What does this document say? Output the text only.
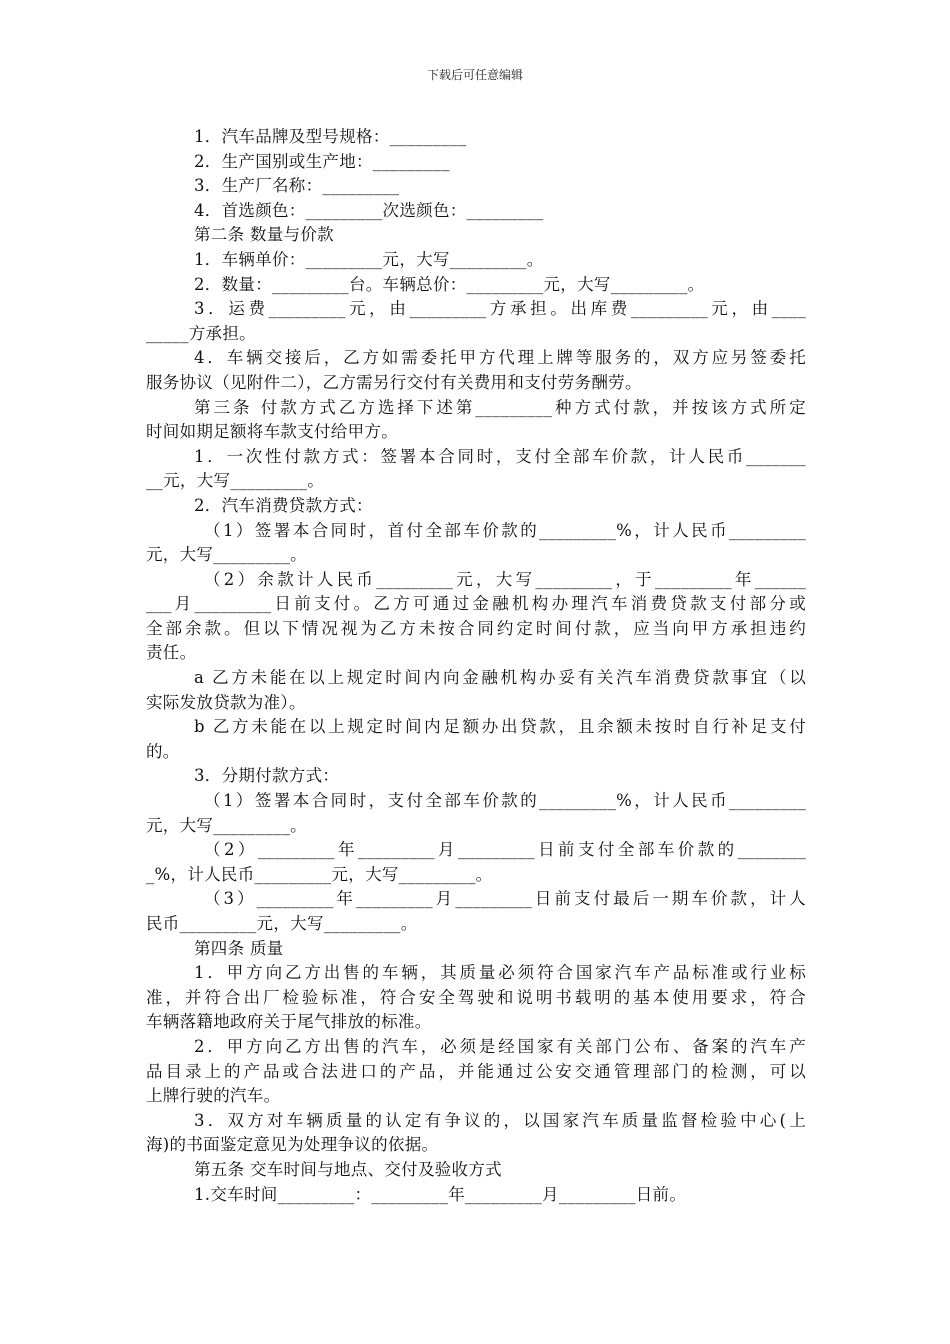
下载后可任意编辑
1．汽车品牌及型号规格：_________
2．生产国别或生产地：_________
3．生产厂名称：_________
4．首选颜色：_________次选颜色：_________
第二条 数量与价款
1．车辆单价：_________元，大写_________。
2．数量：_________台。车辆总价：_________元，大写_________。
3．运费_________元，由_________方承担。出库费_________元，由____
_____方承担。
4．车辆交接后，乙方如需委托甲方代理上牌等服务的，双方应另签委托
服务协议（见附件二），乙方需另行交付有关费用和支付劳务酬劳。
第三条 付款方式乙方选择下述第_________种方式付款，并按该方式所定
时间如期足额将车款支付给甲方。
1．一次性付款方式：签署本合同时，支付全部车价款，计人民币_______
__元，大写_________。
2．汽车消费贷款方式：
（1）签署本合同时，首付全部车价款的_________%，计人民币_________
元，大写_________。
（2）余款计人民币_________元，大写_________，于_________年______
___月_________日前支付。乙方可通过金融机构办理汽车消费贷款支付部分或
全部余款。但以下情况视为乙方未按合同约定时间付款，应当向甲方承担违约
责任。
a 乙方未能在以上规定时间内向金融机构办妥有关汽车消费贷款事宜（以
实际发放贷款为准）。
b 乙方未能在以上规定时间内足额办出贷款，且余额未按时自行补足支付
的。
3．分期付款方式：
（1）签署本合同时，支付全部车价款的_________%，计人民币_________
元，大写_________。
（2）_________年_________月_________日前支付全部车价款的________
_%，计人民币_________元，大写_________。
（3）_________年_________月_________日前支付最后一期车价款，计人
民币_________元，大写_________。
第四条 质量
1．甲方向乙方出售的车辆，其质量必须符合国家汽车产品标准或行业标
准，并符合出厂检验标准，符合安全驾驶和说明书载明的基本使用要求，符合
车辆落籍地政府关于尾气排放的标准。
2．甲方向乙方出售的汽车，必须是经国家有关部门公布、备案的汽车产
品目录上的产品或合法进口的产品，并能通过公安交通管理部门的检测，可以
上牌行驶的汽车。
3．双方对车辆质量的认定有争议的，以国家汽车质量监督检验中心(上
海)的书面鉴定意见为处理争议的依据。
第五条 交车时间与地点、交付及验收方式
1.交车时间_________：_________年_________月_________日前。
